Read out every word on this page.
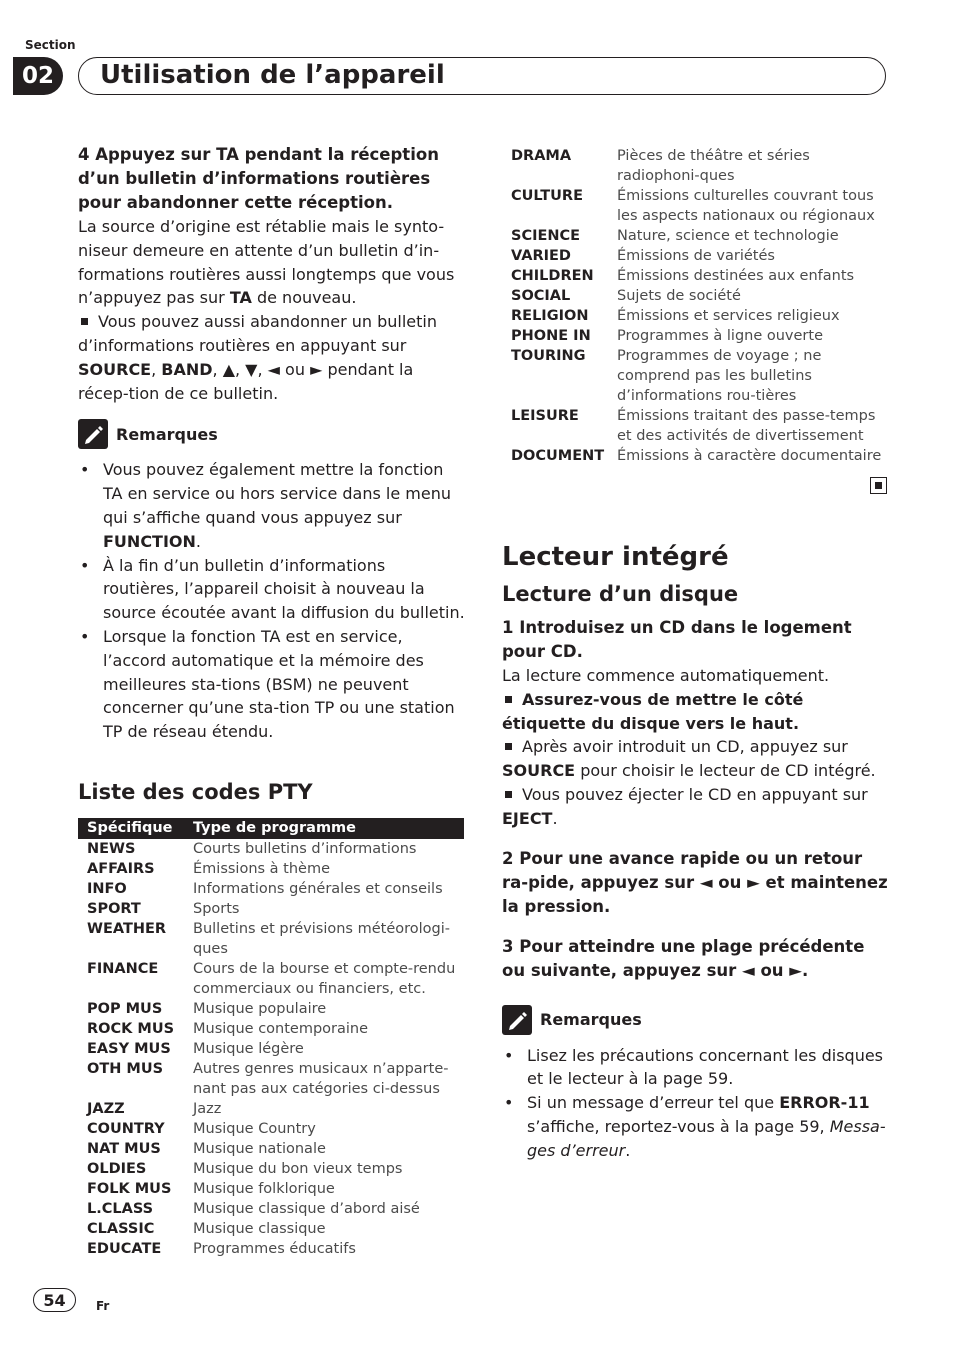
Section
02	Utilisation de l’appareil
4 Appuyez sur TA pendant la réception d’un bulletin d’informations routières pour abandonner cette réception.
La source d’origine est rétablie mais le synto-niseur demeure en attente d’un bulletin d’in-formations routières aussi longtemps que vous n’appuyez pas sur TA de nouveau.
Vous pouvez aussi abandonner un bulletin d’informations routières en appuyant sur SOURCE, BAND, ▲, ▼, ◄ ou ► pendant la récep-tion de ce bulletin.
Remarques
• Vous pouvez également mettre la fonction TA en service ou hors service dans le menu qui s’affiche quand vous appuyez sur FUNCTION.
• À la fin d’un bulletin d’informations routières, l’appareil choisit à nouveau la source écoutée avant la diffusion du bulletin.
• Lorsque la fonction TA est en service, l’accord automatique et la mémoire des meilleures sta-tions (BSM) ne peuvent concerner qu’une sta-tion TP ou une station TP de réseau étendu.
Liste des codes PTY
Spécifique	Type de programme
NEWS	Courts bulletins d’informations
AFFAIRS	Émissions à thème
INFO	Informations générales et conseils
SPORT	Sports
WEATHER	Bulletins et prévisions météorologi-ques
FINANCE	Cours de la bourse et compte-rendu commerciaux ou financiers, etc.
POP MUS	Musique populaire
ROCK MUS	Musique contemporaine
EASY MUS	Musique légère
OTH MUS	Autres genres musicaux n’apparte-nant pas aux catégories ci-dessus
JAZZ	Jazz
COUNTRY	Musique Country
NAT MUS	Musique nationale
OLDIES	Musique du bon vieux temps
FOLK MUS	Musique folklorique
L.CLASS	Musique classique d’abord aisé
CLASSIC	Musique classique
EDUCATE	Programmes éducatifs
DRAMA	Pièces de théâtre et séries radiophoni-ques
CULTURE	Émissions culturelles couvrant tous les aspects nationaux ou régionaux
SCIENCE	Nature, science et technologie
VARIED	Émissions de variétés
CHILDREN	Émissions destinées aux enfants
SOCIAL	Sujets de société
RELIGION	Émissions et services religieux
PHONE IN	Programmes à ligne ouverte
TOURING	Programmes de voyage ; ne comprend pas les bulletins d’informations rou-tières
LEISURE	Émissions traitant des passe-temps et des activités de divertissement
DOCUMENT	Émissions à caractère documentaire
Lecteur intégré
Lecture d’un disque
1 Introduisez un CD dans le logement pour CD.
La lecture commence automatiquement.
Assurez-vous de mettre le côté étiquette du disque vers le haut.
Après avoir introduit un CD, appuyez sur SOURCE pour choisir le lecteur de CD intégré.
Vous pouvez éjecter le CD en appuyant sur EJECT.
2 Pour une avance rapide ou un retour ra-pide, appuyez sur ◄ ou ► et maintenez la pression.
3 Pour atteindre une plage précédente ou suivante, appuyez sur ◄ ou ►.
Remarques
• Lisez les précautions concernant les disques et le lecteur à la page 59.
• Si un message d’erreur tel que ERROR-11 s’affiche, reportez-vous à la page 59, Messa-ges d’erreur.
54	Fr
